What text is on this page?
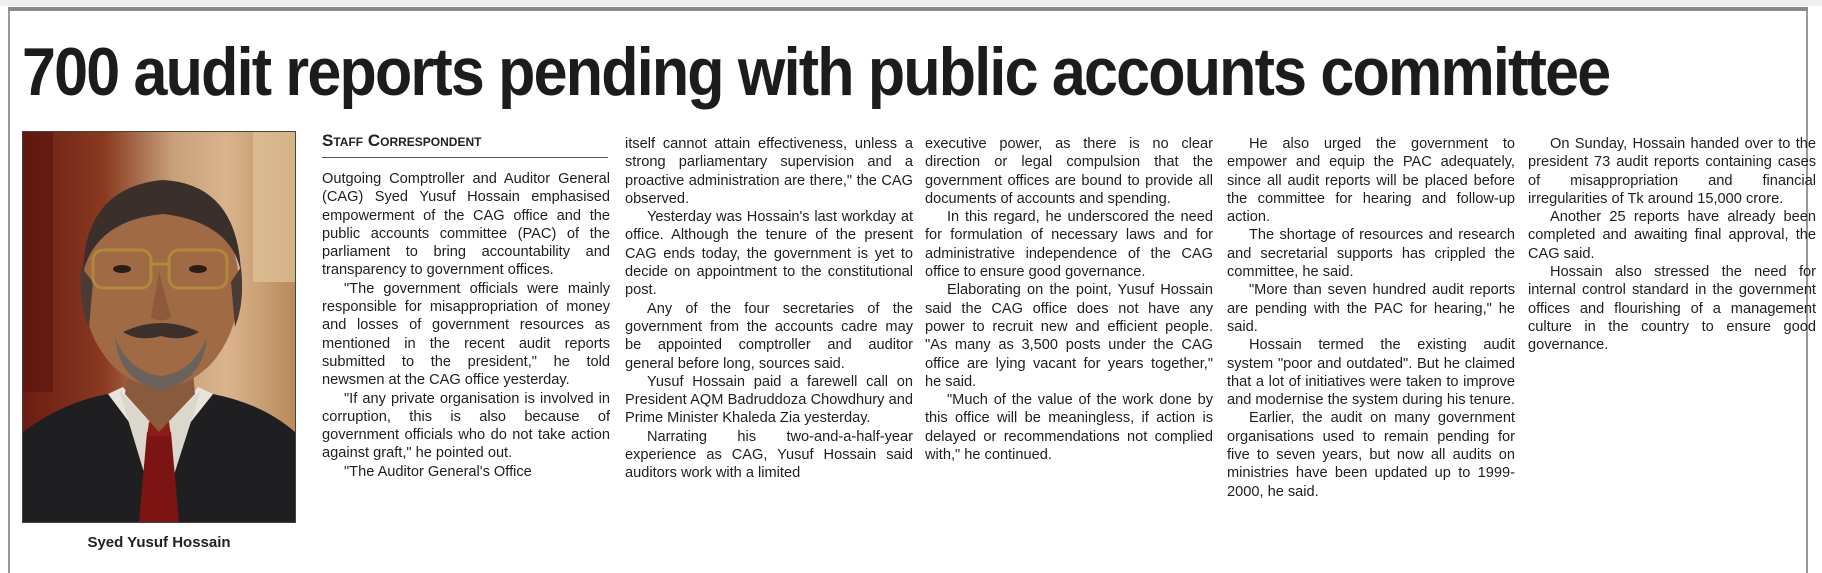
700 audit reports pending with public accounts committee

Syed Yusuf Hossain

Staff Correspondent

Outgoing Comptroller and Auditor General (CAG) Syed Yusuf Hossain emphasised empowerment of the CAG office and the public accounts committee (PAC) of the parliament to bring accountability and transparency to government offices.

"The government officials were mainly responsible for misappropriation of money and losses of government resources as mentioned in the recent audit reports submitted to the president," he told newsmen at the CAG office yesterday.

"If any private organisation is involved in corruption, this is also because of government officials who do not take action against graft," he pointed out.

"The Auditor General's Office

itself cannot attain effectiveness, unless a strong parliamentary supervision and a proactive administration are there," the CAG observed.

Yesterday was Hossain's last workday at office. Although the tenure of the present CAG ends today, the government is yet to decide on appointment to the constitutional post.

Any of the four secretaries of the government from the accounts cadre may be appointed comptroller and auditor general before long, sources said.

Yusuf Hossain paid a farewell call on President AQM Badruddoza Chowdhury and Prime Minister Khaleda Zia yesterday.

Narrating his two-and-a-half-year experience as CAG, Yusuf Hossain said auditors work with a limited

executive power, as there is no clear direction or legal compulsion that the government offices are bound to provide all documents of accounts and spending.

In this regard, he underscored the need for formulation of necessary laws and for administrative independence of the CAG office to ensure good governance.

Elaborating on the point, Yusuf Hossain said the CAG office does not have any power to recruit new and efficient people. "As many as 3,500 posts under the CAG office are lying vacant for years together," he said.

"Much of the value of the work done by this office will be meaningless, if action is delayed or recommendations not complied with," he continued.

He also urged the government to empower and equip the PAC adequately, since all audit reports will be placed before the committee for hearing and follow-up action.

The shortage of resources and research and secretarial supports has crippled the committee, he said.

"More than seven hundred audit reports are pending with the PAC for hearing," he said.

Hossain termed the existing audit system "poor and outdated". But he claimed that a lot of initiatives were taken to improve and modernise the system during his tenure.

Earlier, the audit on many government organisations used to remain pending for five to seven years, but now all audits on ministries have been updated up to 1999-2000, he said.

On Sunday, Hossain handed over to the president 73 audit reports containing cases of misappropriation and financial irregularities of Tk around 15,000 crore.

Another 25 reports have already been completed and awaiting final approval, the CAG said.

Hossain also stressed the need for internal control standard in the government offices and flourishing of a management culture in the country to ensure good governance.
